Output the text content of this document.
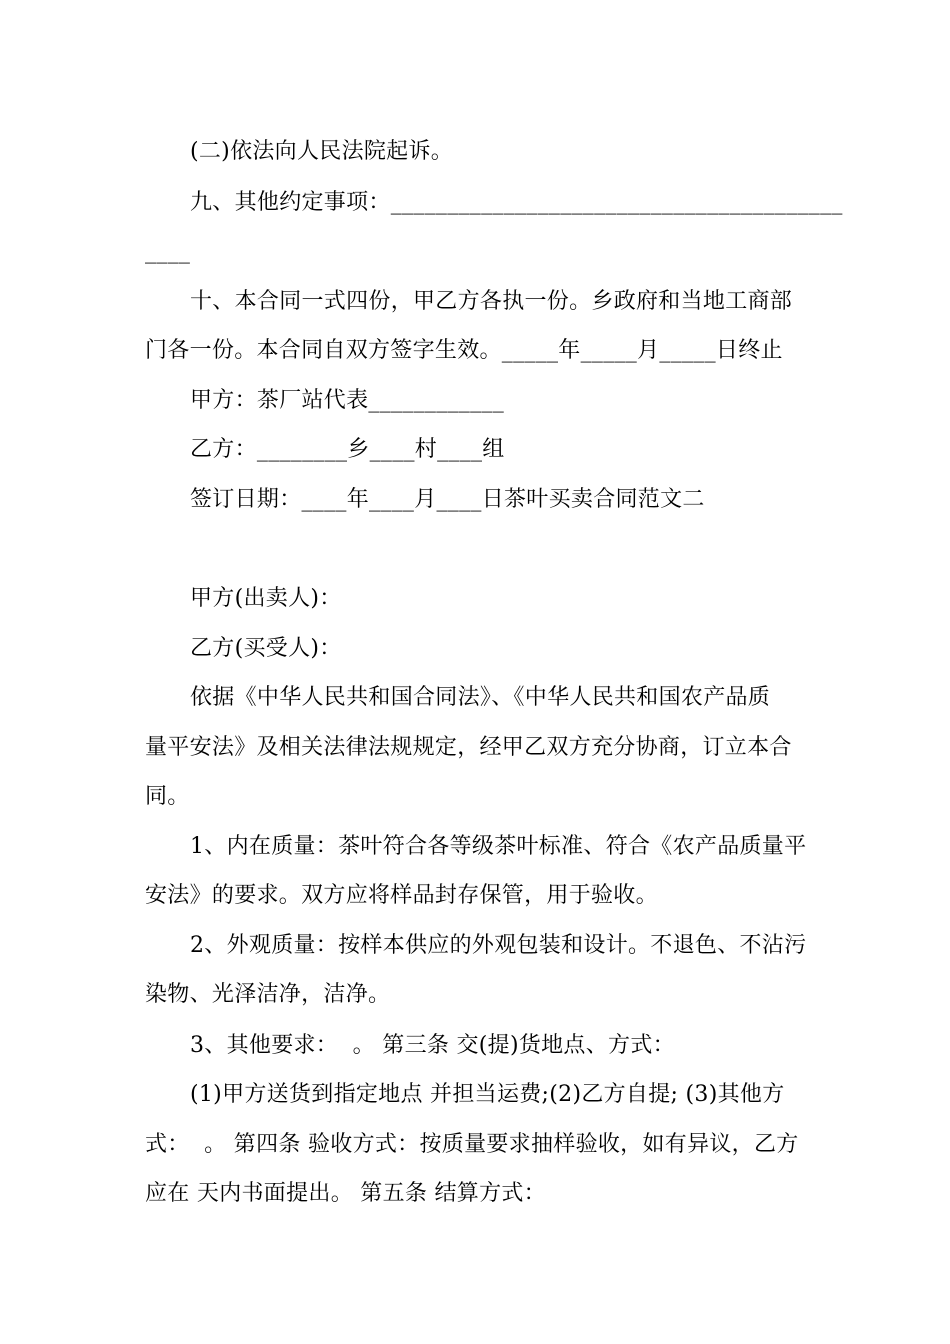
(二)依法向人民法院起诉。
九、其他约定事项：________________________________________
____
十、本合同一式四份，甲乙方各执一份。乡政府和当地工商部
门各一份。本合同自双方签字生效。_____年_____月_____日终止
甲方：茶厂站代表____________
乙方：________乡____村____组
签订日期：____年____月____日茶叶买卖合同范文二
甲方(出卖人)：
乙方(买受人)：
依据《中华人民共和国合同法》、《中华人民共和国农产品质
量平安法》及相关法律法规规定，经甲乙双方充分协商，订立本合
同。
1、内在质量：茶叶符合各等级茶叶标准、符合《农产品质量平
安法》的要求。双方应将样品封存保管，用于验收。
2、外观质量：按样本供应的外观包装和设计。不退色、不沾污
染物、光泽洁净，洁净。
3、其他要求：  。 第三条 交(提)货地点、方式：
(1)甲方送货到指定地点 并担当运费;(2)乙方自提; (3)其他方
式：  。 第四条 验收方式：按质量要求抽样验收，如有异议，乙方
应在 天内书面提出。 第五条 结算方式：
